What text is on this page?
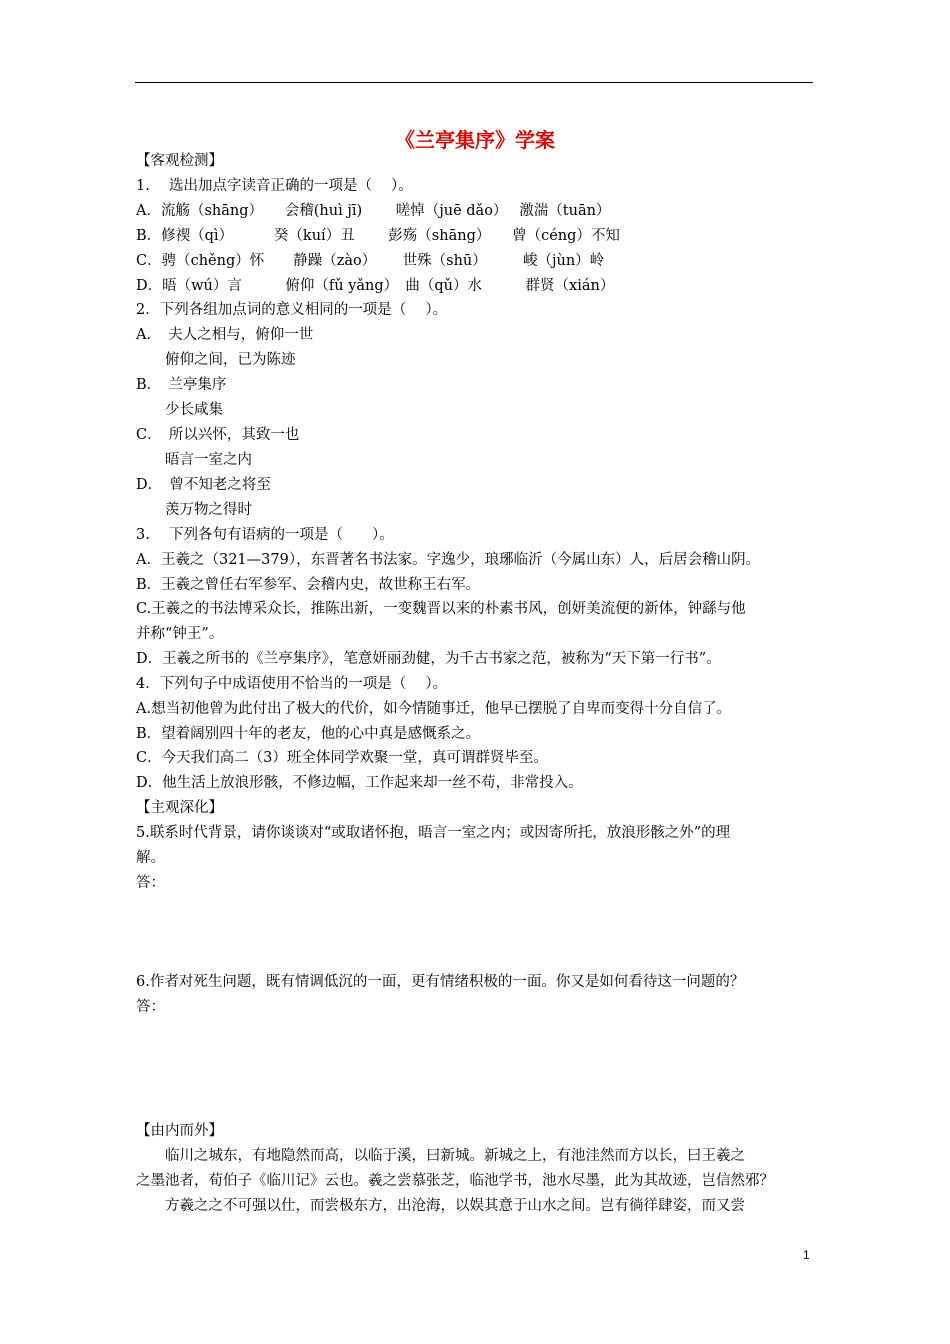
《兰亭集序》学案
【客观检测】
1.　 选出加点字读音正确的一项是（　 ）。
A．流觞（shāng）　　会稽(huì jī)　　 嗟悼（juē dǎo）　 激湍（tuān）
B．修禊（qì）　　　 癸（kuí）丑　　 彭殇（shāng）　　曾（céng）不知
C．骋（chěng）怀　　静躁（zào）　　 世殊（shū）　　　峻（jùn）岭
D．晤（wú）言　　　俯仰（fǔ yǎng）　曲（qǔ）水　　　群贤（xián）
2．下列各组加点词的意义相同的一项是（　 ）。
A．　夫人之相与，俯仰一世
　　俯仰之间，已为陈迹
B．　兰亭集序
　　少长咸集
C．　所以兴怀，其致一也
　　晤言一室之内
D．　曾不知老之将至
　　羡万物之得时
3.　 下列各句有语病的一项是（　　）。
A．王羲之（321—379），东晋著名书法家。字逸少，琅琊临沂（今属山东）人，后居会稽山阴。
B．王羲之曾任右军参军、会稽内史，故世称王右军。
C.王羲之的书法博采众长，推陈出新，一变魏晋以来的朴素书风，创妍美流便的新体，钟繇与他
并称“钟王”。
D．王羲之所书的《兰亭集序》，笔意妍丽劲健，为千古书家之范，被称为“天下第一行书”。
4．下列句子中成语使用不恰当的一项是（　 ）。
A.想当初他曾为此付出了极大的代价，如今情随事迁，他早已摆脱了自卑而变得十分自信了。
B．望着阔别四十年的老友，他的心中真是感慨系之。
C．今天我们高二（3）班全体同学欢聚一堂，真可谓群贤毕至。
D．他生活上放浪形骸，不修边幅，工作起来却一丝不苟，非常投入。
【主观深化】
5.联系时代背景，请你谈谈对“或取诸怀抱，晤言一室之内；或因寄所托，放浪形骸之外”的理
解。
答：
6.作者对死生问题，既有情调低沉的一面，更有情绪积极的一面。你又是如何看待这一问题的？
答：
【由内而外】
　　临川之城东，有地隐然而高，以临于溪，曰新城。新城之上，有池洼然而方以长，曰王羲之
之墨池者，荀伯子《临川记》云也。羲之尝慕张芝，临池学书，池水尽墨，此为其故迹，岂信然邪？
　　方羲之之不可强以仕，而尝极东方，出沧海，以娱其意于山水之间。岂有徜徉肆姿，而又尝
1
